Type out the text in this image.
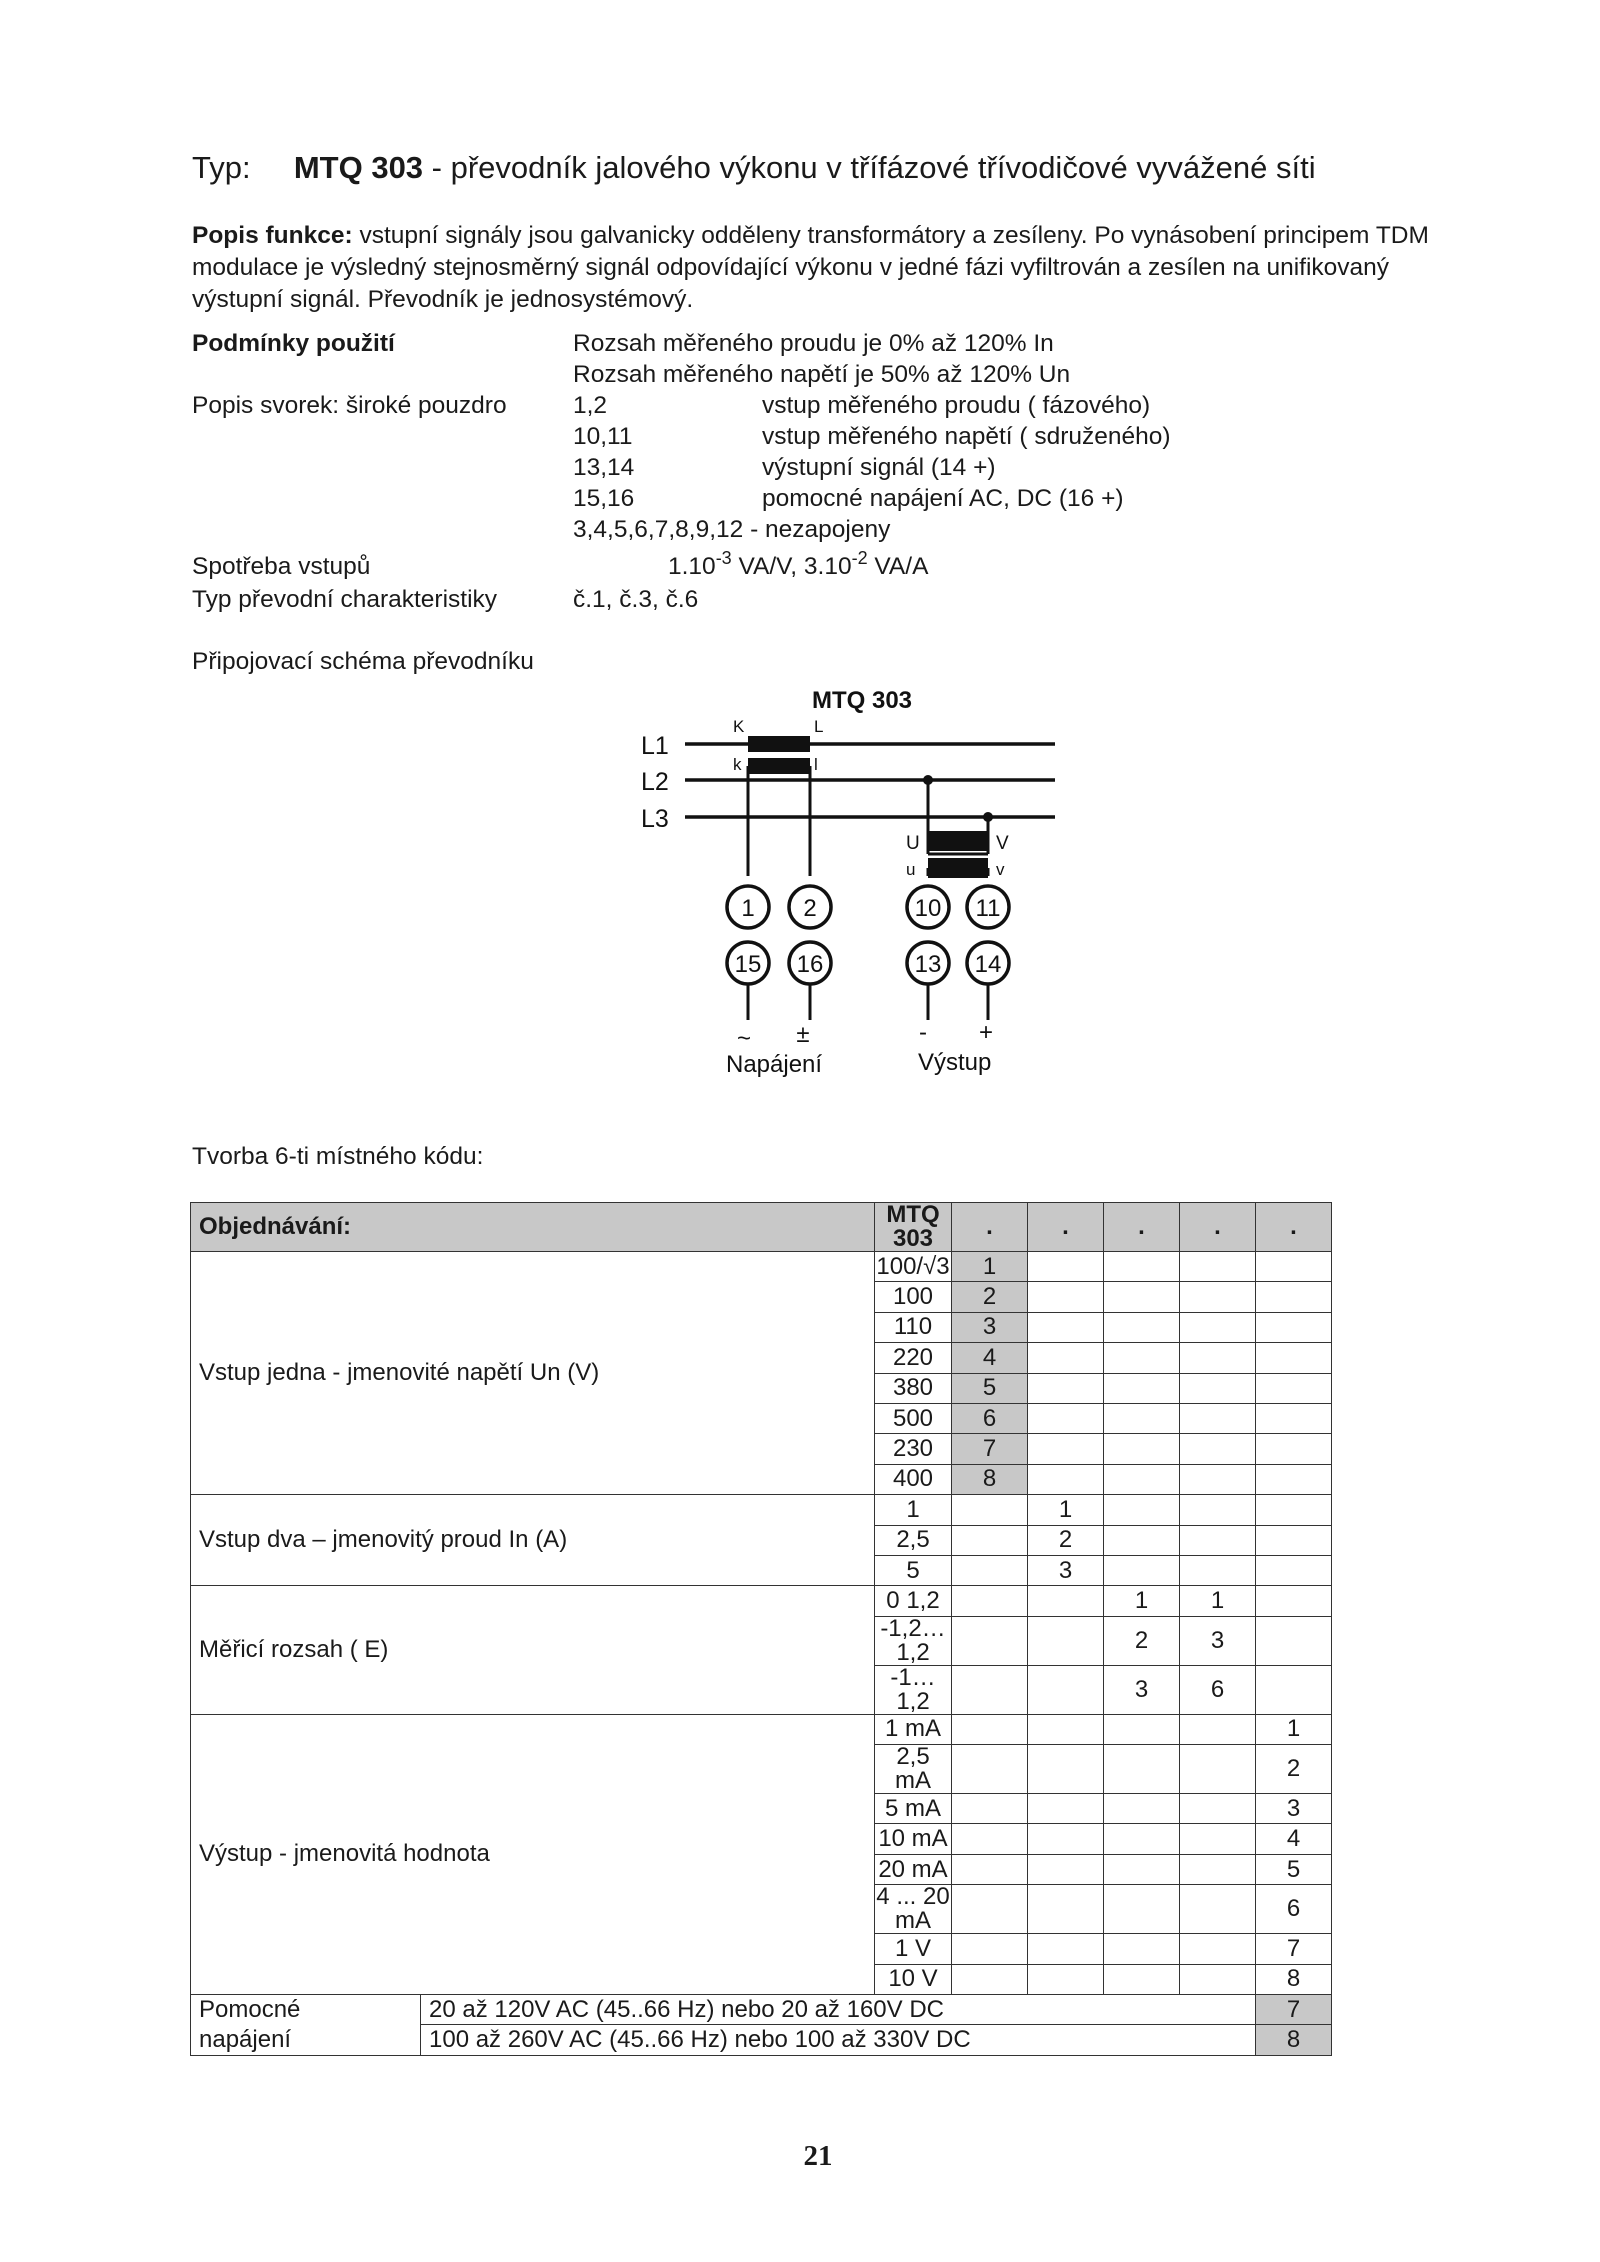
Typ: MTQ 303 - převodník jalového výkonu v třífázové třívodičové vyvážené síti
Popis funkce: vstupní signály jsou galvanicky odděleny transformátory a zesíleny. Po vynásobení principem TDM modulace je výsledný stejnosměrný signál odpovídající výkonu v jedné fázi vyfiltrován a zesílen na unifikovaný výstupní signál. Převodník je jednosystémový.
Podmínky použití	Rozsah měřeného proudu je 0% až 120% In
Rozsah měřeného napětí je 50% až 120% Un
Popis svorek: široké pouzdro	1,2	vstup měřeného proudu ( fázového)
10,11	vstup měřeného napětí ( sdruženého)
13,14	výstupní signál (14 +)
15,16	pomocné napájení AC, DC (16 +)
3,4,5,6,7,8,9,12 - nezapojeny
Spotřeba vstupů	$1.10^{-3}$ VA/V, $3.10^{-2}$ VA/A
Typ převodní charakteristiky	č.1, č.3, č.6
Připojovací schéma převodníku
MTQ 303
L1
L2
L3
K	L
k	l
U	V
u	v
1 2	10 11
15 16	13 14
~ ±	- +
Napájení	Výstup
Tvorba 6-ti místného kódu:
Objednávání:		MTQ 303	.	.	.	.	.
Vstup jedna - jmenovité napětí Un (V)		100/√3	1				
		100	2				
		110	3				
		220	4				
		380	5				
		500	6				
		230	7				
		400	8				
Vstup dva – jmenovitý proud In (A)		1		1			
		2,5		2			
		5		3			
Měřicí rozsah ( E)		0 1,2			1	1	
		-1,2…1,2			2	3	
		-1…1,2			3	6	
Výstup - jmenovitá hodnota		1 mA					1
		2,5 mA					2
		5 mA					3
		10 mA					4
		20 mA					5
		4 ... 20 mA					6
		1 V					7
		10 V					8
Pomocné	20 až 120V AC (45..66 Hz) nebo 20 až 160V DC						7
napájení	100 až 260V AC (45..66 Hz) nebo 100 až 330V DC						8
21
